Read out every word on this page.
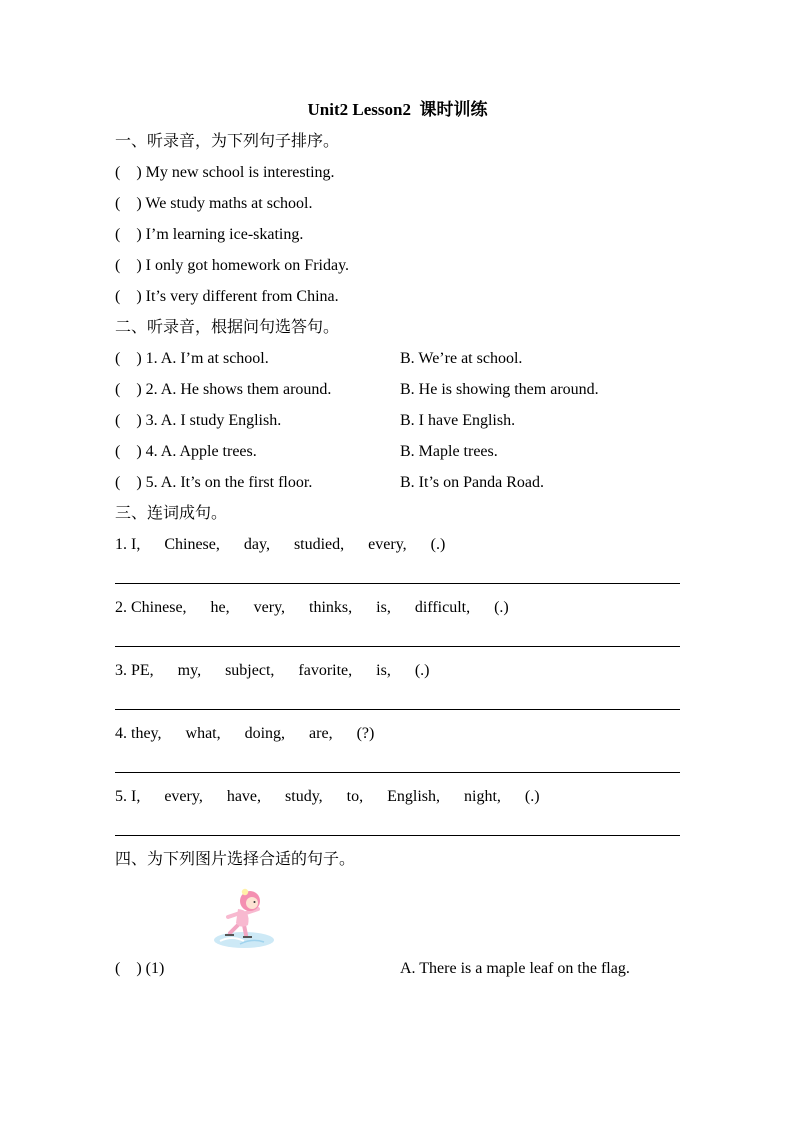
Unit2 Lesson2  课时训练
一、听录音，为下列句子排序。
(    ) My new school is interesting.
(    ) We study maths at school.
(    ) I’m learning ice-skating.
(    ) I only got homework on Friday.
(    ) It’s very different from China.
二、听录音，根据问句选答句。
(    ) 1. A. I’m at school.	B. We’re at school.
(    ) 2. A. He shows them around.	B. He is showing them around.
(    ) 3. A. I study English.	B. I have English.
(    ) 4. A. Apple trees.	B. Maple trees.
(    ) 5. A. It’s on the first floor.	B. It’s on Panda Road.
三、连词成句。
1. I,      Chinese,      day,      studied,      every,      (.)
2. Chinese,      he,      very,      thinks,      is,      difficult,      (.)
3. PE,      my,      subject,      favorite,      is,      (.)
4. they,      what,      doing,      are,      (?)
5. I,      every,      have,      study,      to,      English,      night,      (.)
四、为下列图片选择合适的句子。
(    ) (1)	A. There is a maple leaf on the flag.
